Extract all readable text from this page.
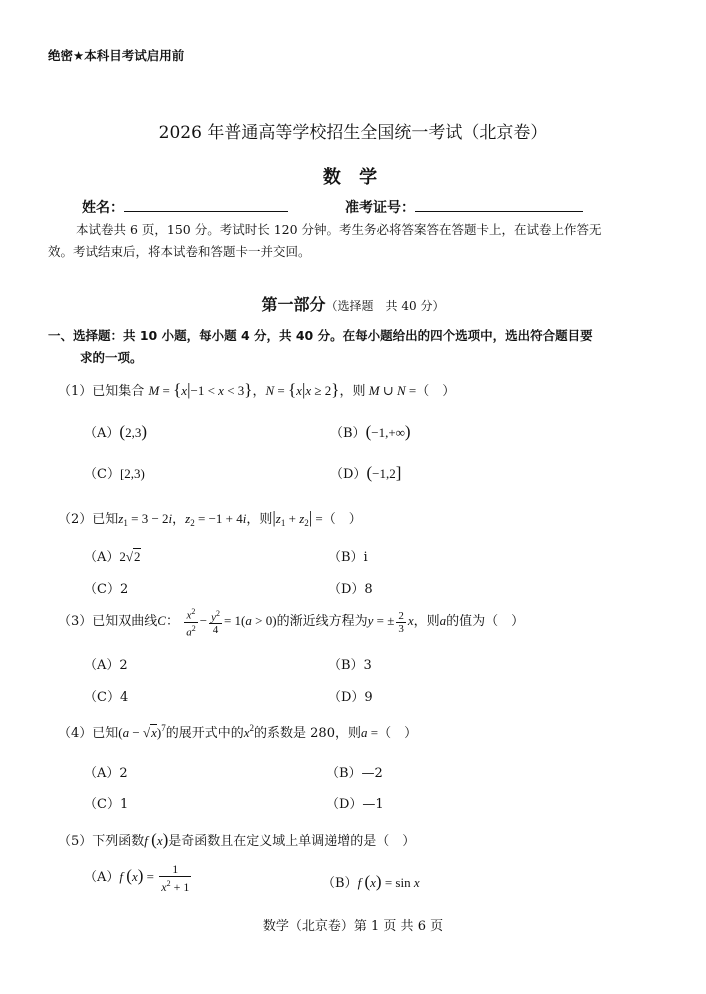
绝密★本科目考试启用前
2026 年普通高等学校招生全国统一考试（北京卷）
数 学
姓名：	准考证号：
本试卷共 6 页，150 分。考试时长 120 分钟。考生务必将答案答在答题卡上，在试卷上作答无
效。考试结束后，将本试卷和答题卡一并交回。
第一部分（选择题　共 40 分）
一、选择题：共 10 小题，每小题 4 分，共 40 分。在每小题给出的四个选项中，选出符合题目要
求的一项。
（1）已知集合 M = {x|−1 < x < 3}，N = {x|x ≥ 2}，则 M ∪ N =（　）
（A）(2,3)	（B）(−1,+∞)
（C）[2,3)	（D）(−1,2]
（2）已知$z_1 = 3 - 2i$，$z_2 = -1 + 4i$，则$|z_1 + z_2|$ =（　）
（A）2√2	（B）i
（C）2	（D）8
（3）已知双曲线C： $\frac{x^2}{a^2} - \frac{y^2}{4} = 1(a > 0)$的渐近线方程为y = ± $\frac{2}{3}$ x，则a的值为（　）
（A）2	（B）3
（C）4	（D）9
（4）已知$(a - √x)^7$的展开式中的$x^2$的系数是 280，则a =（　）
（A）2	（B）—2
（C）1	（D）—1
（5）下列函数f (x)是奇函数且在定义域上单调递增的是（　）
（A）f $(x) = \frac{1}{x^2 + 1}$	（B）f (x) = sin x
数学（北京卷）第 1 页 共 6 页
